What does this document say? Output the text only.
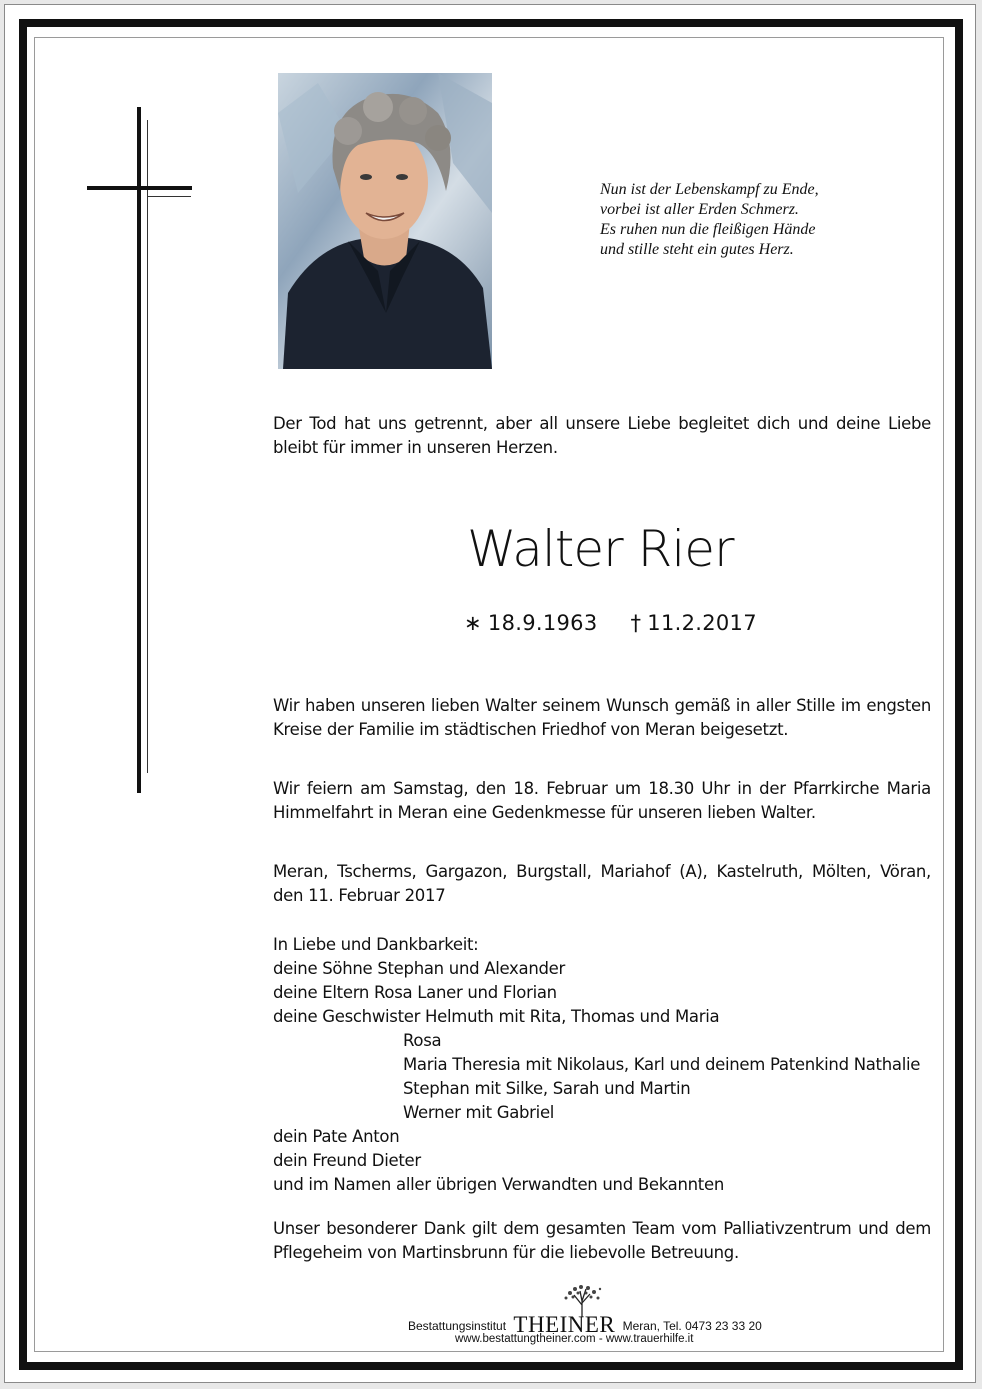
Nun ist der Lebenskampf zu Ende,
vorbei ist aller Erden Schmerz.
Es ruhen nun die fleißigen Hände
und stille steht ein gutes Herz.
Der Tod hat uns getrennt, aber all unsere Liebe begleitet dich und deine Liebe bleibt für immer in unseren Herzen.
Walter Rier
∗ 18.9.1963 † 11.2.2017
Wir haben unseren lieben Walter seinem Wunsch gemäß in aller Stille im engsten Kreise der Familie im städtischen Friedhof von Meran beigesetzt.
Wir feiern am Samstag, den 18. Februar um 18.30 Uhr in der Pfarrkirche Maria Himmelfahrt in Meran eine Gedenkmesse für unseren lieben Walter.
Meran, Tscherms, Gargazon, Burgstall, Mariahof (A), Kastelruth, Mölten, Vöran, den 11. Februar 2017
In Liebe und Dankbarkeit:
deine Söhne Stephan und Alexander
deine Eltern Rosa Laner und Florian
deine Geschwister Helmuth mit Rita, Thomas und Maria
Rosa
Maria Theresia mit Nikolaus, Karl und deinem Patenkind Nathalie
Stephan mit Silke, Sarah und Martin
Werner mit Gabriel
dein Pate Anton
dein Freund Dieter
und im Namen aller übrigen Verwandten und Bekannten
Unser besonderer Dank gilt dem gesamten Team vom Palliativzentrum und dem Pflegeheim von Martinsbrunn für die liebevolle Betreuung.
Bestattungsinstitut THEINER Meran, Tel. 0473 23 33 20
www.bestattungtheiner.com - www.trauerhilfe.it
